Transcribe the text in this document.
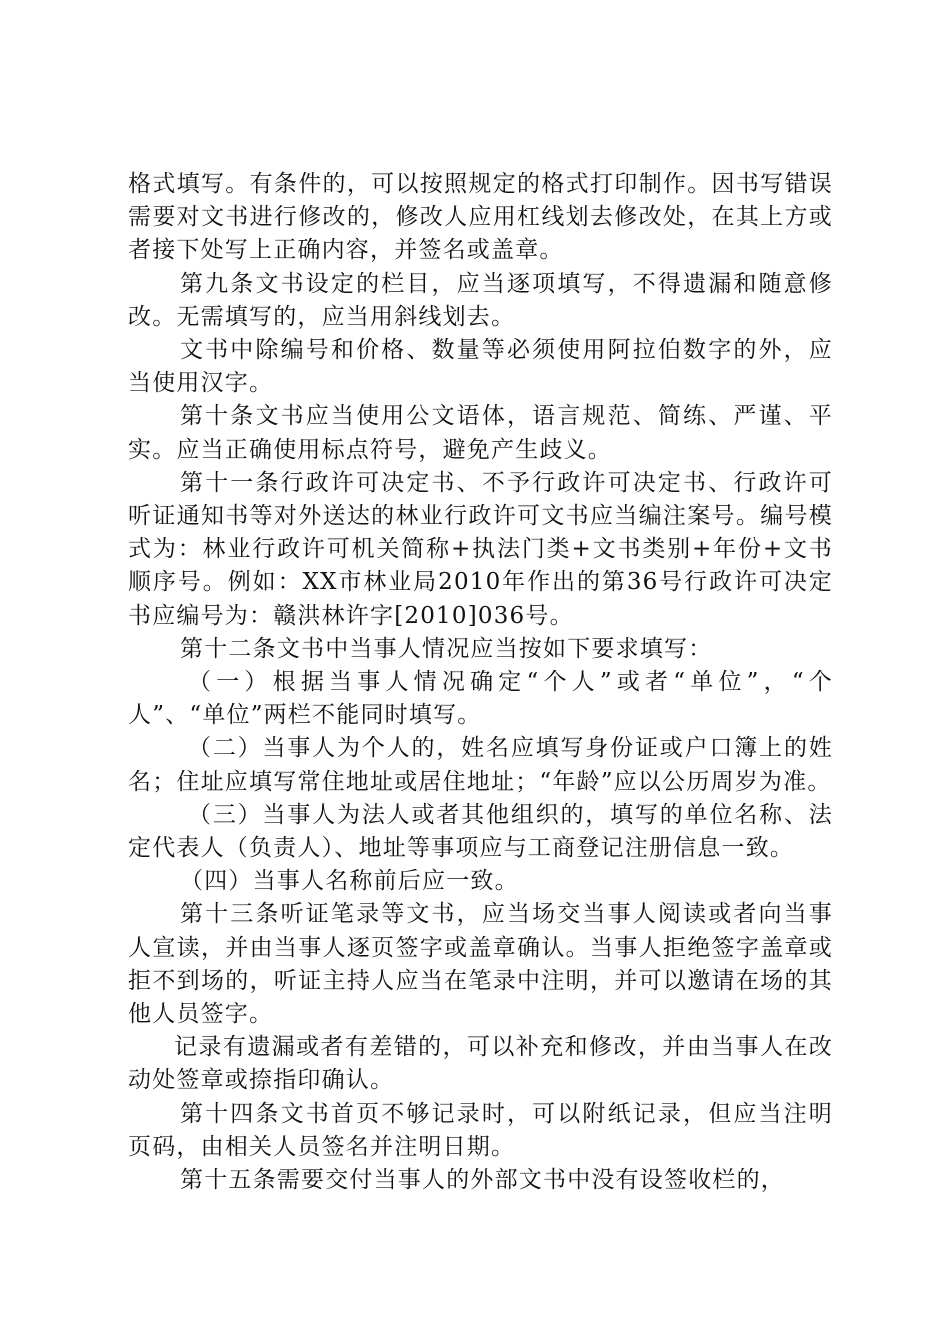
格式填写。有条件的，可以按照规定的格式打印制作。因书写错误需要对文书进行修改的，修改人应用杠线划去修改处，在其上方或者接下处写上正确内容，并签名或盖章。

第九条文书设定的栏目，应当逐项填写，不得遗漏和随意修改。无需填写的，应当用斜线划去。

文书中除编号和价格、数量等必须使用阿拉伯数字的外，应当使用汉字。

第十条文书应当使用公文语体，语言规范、简练、严谨、平实。应当正确使用标点符号，避免产生歧义。

第十一条行政许可决定书、不予行政许可决定书、行政许可听证通知书等对外送达的林业行政许可文书应当编注案号。编号模式为：林业行政许可机关简称+执法门类+文书类别+年份+文书顺序号。例如：XX市林业局2010年作出的第36号行政许可决定书应编号为：赣洪林许字[2010]036号。

第十二条文书中当事人情况应当按如下要求填写：

（一）根据当事人情况确定“个人”或者“单位”，“个人”、“单位”两栏不能同时填写。

（二）当事人为个人的，姓名应填写身份证或户口簿上的姓名；住址应填写常住地址或居住地址；“年龄”应以公历周岁为准。

（三）当事人为法人或者其他组织的，填写的单位名称、法定代表人（负责人）、地址等事项应与工商登记注册信息一致。

（四）当事人名称前后应一致。

第十三条听证笔录等文书，应当场交当事人阅读或者向当事人宣读，并由当事人逐页签字或盖章确认。当事人拒绝签字盖章或拒不到场的，听证主持人应当在笔录中注明，并可以邀请在场的其他人员签字。

记录有遗漏或者有差错的，可以补充和修改，并由当事人在改动处签章或捺指印确认。

第十四条文书首页不够记录时，可以附纸记录，但应当注明页码，由相关人员签名并注明日期。

第十五条需要交付当事人的外部文书中没有设签收栏的，
